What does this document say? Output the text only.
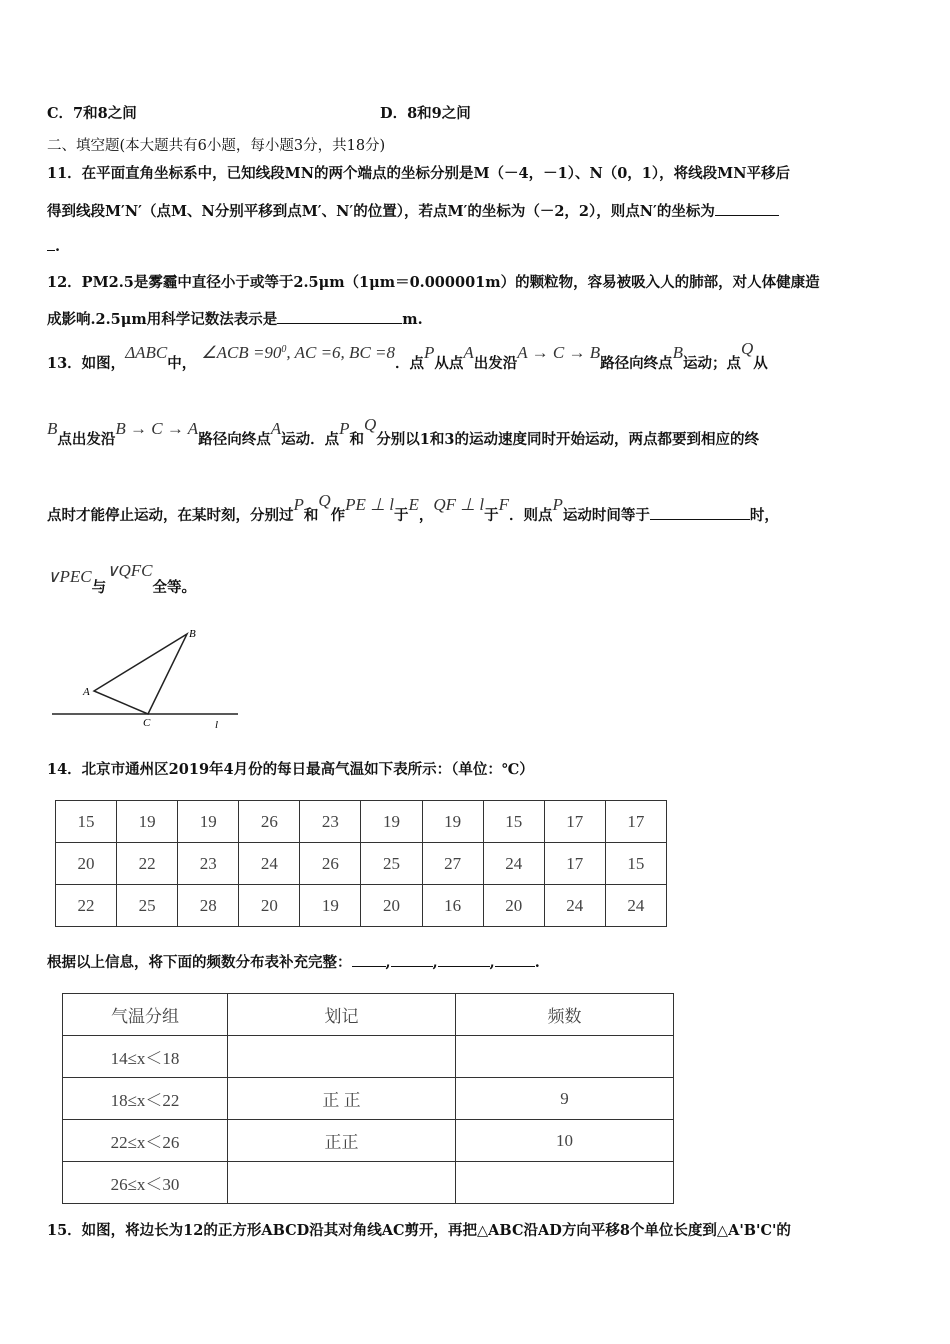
C．7和8之间	D．8和9之间
二、填空题(本大题共有6小题，每小题3分，共18分)
11．在平面直角坐标系中，已知线段MN的两个端点的坐标分别是M（－4，－1）、N（0，1），将线段MN平移后
得到线段M′N′（点M、N分别平移到点M′、N′的位置），若点M′的坐标为（－2，2），则点N′的坐标为
.
12．PM2.5是雾霾中直径小于或等于2.5μm（1μm＝0.000001m）的颗粒物，容易被吸入人的肺部，对人体健康造
成影响.2.5μm用科学记数法表示是	m.
13．如图，ΔABC中， ∠ACB $=90^0$, AC =6, BC =8．点P从点A出发沿A → C → B路径向终点B运动；点Q从
B点出发沿B → C → A路径向终点A运动．点P和Q分别以1和3的运动速度同时开始运动，两点都要到相应的终
点时才能停止运动，在某时刻，分别过P和Q作PE ⊥ l于E，QF ⊥ l于F．则点P运动时间等于	时，
∨PEC与∨QFC全等。
A
B
C	l
14．北京市通州区2019年4月份的每日最高气温如下表所示：（单位：℃）
15	19	19	26	23	19	19	15	17	17
20	22	23	24	26	25	27	24	17	15
22	25	28	20	19	20	16	20	24	24
根据以上信息，将下面的频数分布表补充完整： ,	,	,	.
气温分组	划记	频数
14≤x＜18		
18≤x＜22	正 正	9
22≤x＜26	正正	10
26≤x＜30		
15．如图，将边长为12的正方形ABCD沿其对角线AC剪开，再把△ABC沿AD方向平移8个单位长度到△A'B'C'的
